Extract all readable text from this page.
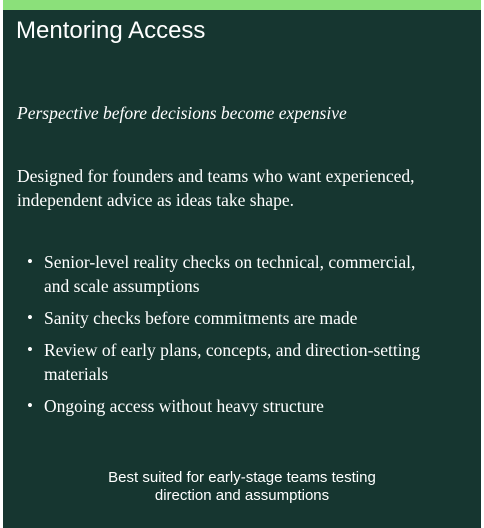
Mentoring Access

Perspective before decisions become expensive

Designed for founders and teams who want experienced, independent advice as ideas take shape.

• Senior-level reality checks on technical, commercial, and scale assumptions
• Sanity checks before commitments are made
• Review of early plans, concepts, and direction-setting materials
• Ongoing access without heavy structure

Best suited for early-stage teams testing
direction and assumptions
